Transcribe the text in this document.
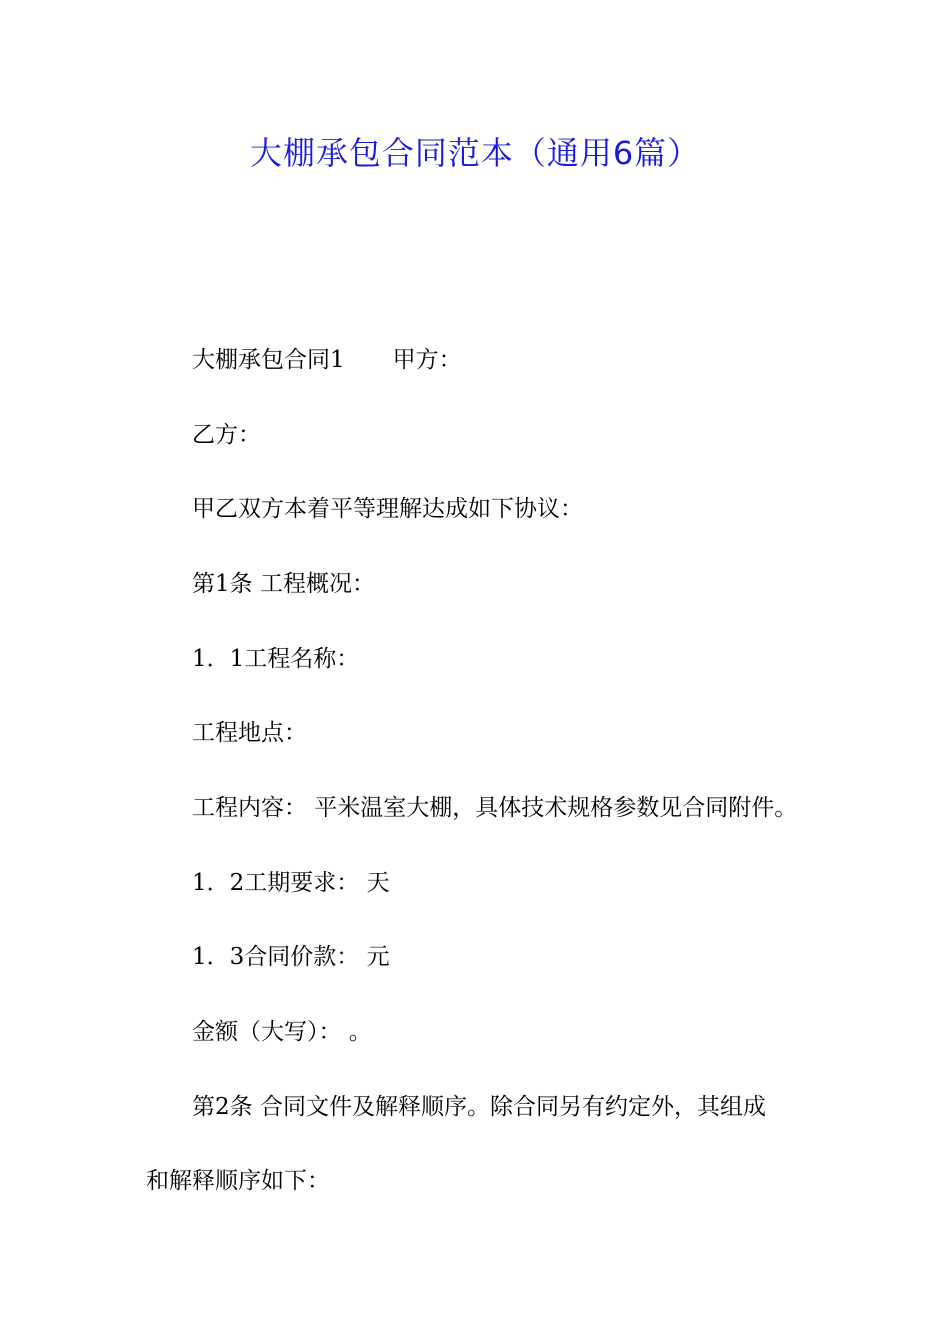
大棚承包合同范本（通用6篇）
大棚承包合同1 甲方：
乙方：
甲乙双方本着平等理解达成如下协议：
第1条 工程概况：
1．1工程名称：
工程地点：
工程内容： 平米温室大棚，具体技术规格参数见合同附件。
1．2工期要求： 天
1．3合同价款： 元
金额（大写）： 。
第2条 合同文件及解释顺序。除合同另有约定外，其组成
和解释顺序如下：
